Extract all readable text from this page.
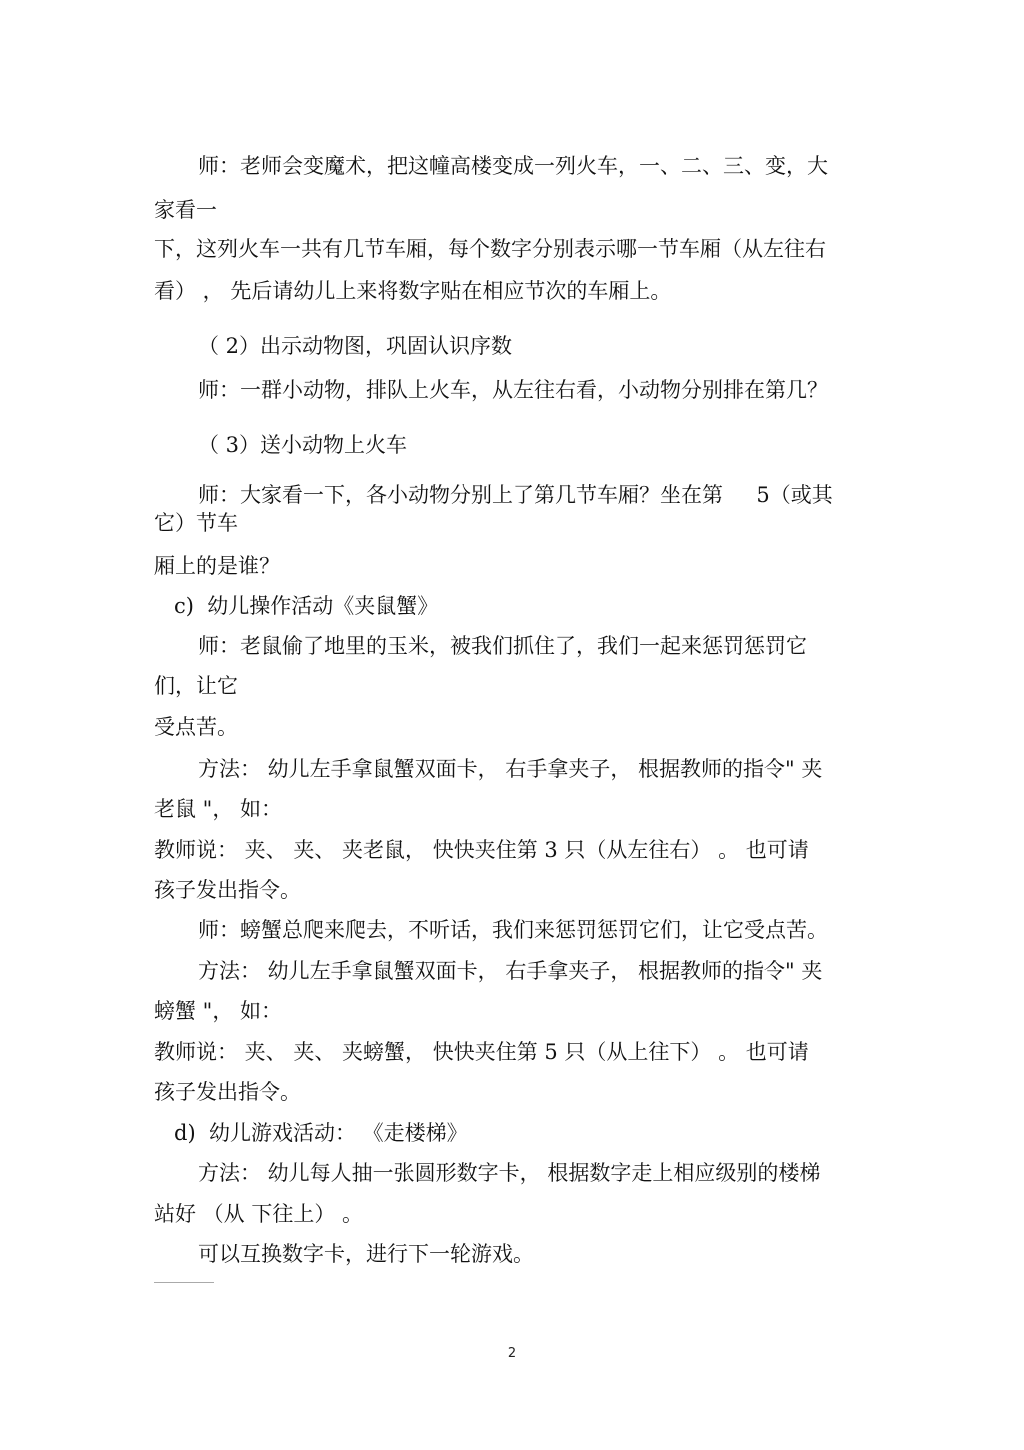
师：老师会变魔术，把这幢高楼变成一列火车，一、二、三、变，大
家看一
下，这列火车一共有几节车厢，每个数字分别表示哪一节车厢（从左往右
看） ， 先后请幼儿上来将数字贴在相应节次的车厢上。
（ 2）出示动物图，巩固认识序数
师：一群小动物，排队上火车，从左往右看，小动物分别排在第几？
（ 3）送小动物上火车
师：大家看一下，各小动物分别上了第几节车厢？坐在第     5（或其
它）节车
厢上的是谁？
c)  幼儿操作活动《夹鼠蟹》
师：老鼠偷了地里的玉米，被我们抓住了，我们一起来惩罚惩罚它
们，让它
受点苦。
方法： 幼儿左手拿鼠蟹双面卡， 右手拿夹子， 根据教师的指令" 夹
老鼠 "， 如：
教师说： 夹、 夹、 夹老鼠， 快快夹住第 3 只（从左往右） 。 也可请
孩子发出指令。
师：螃蟹总爬来爬去，不听话，我们来惩罚惩罚它们，让它受点苦。
方法： 幼儿左手拿鼠蟹双面卡， 右手拿夹子， 根据教师的指令" 夹
螃蟹 "， 如：
教师说： 夹、 夹、 夹螃蟹， 快快夹住第 5 只（从上往下） 。 也可请
孩子发出指令。
d)  幼儿游戏活动： 《走楼梯》
方法： 幼儿每人抽一张圆形数字卡， 根据数字走上相应级别的楼梯
站好 （从 下往上） 。
可以互换数字卡，进行下一轮游戏。
2
